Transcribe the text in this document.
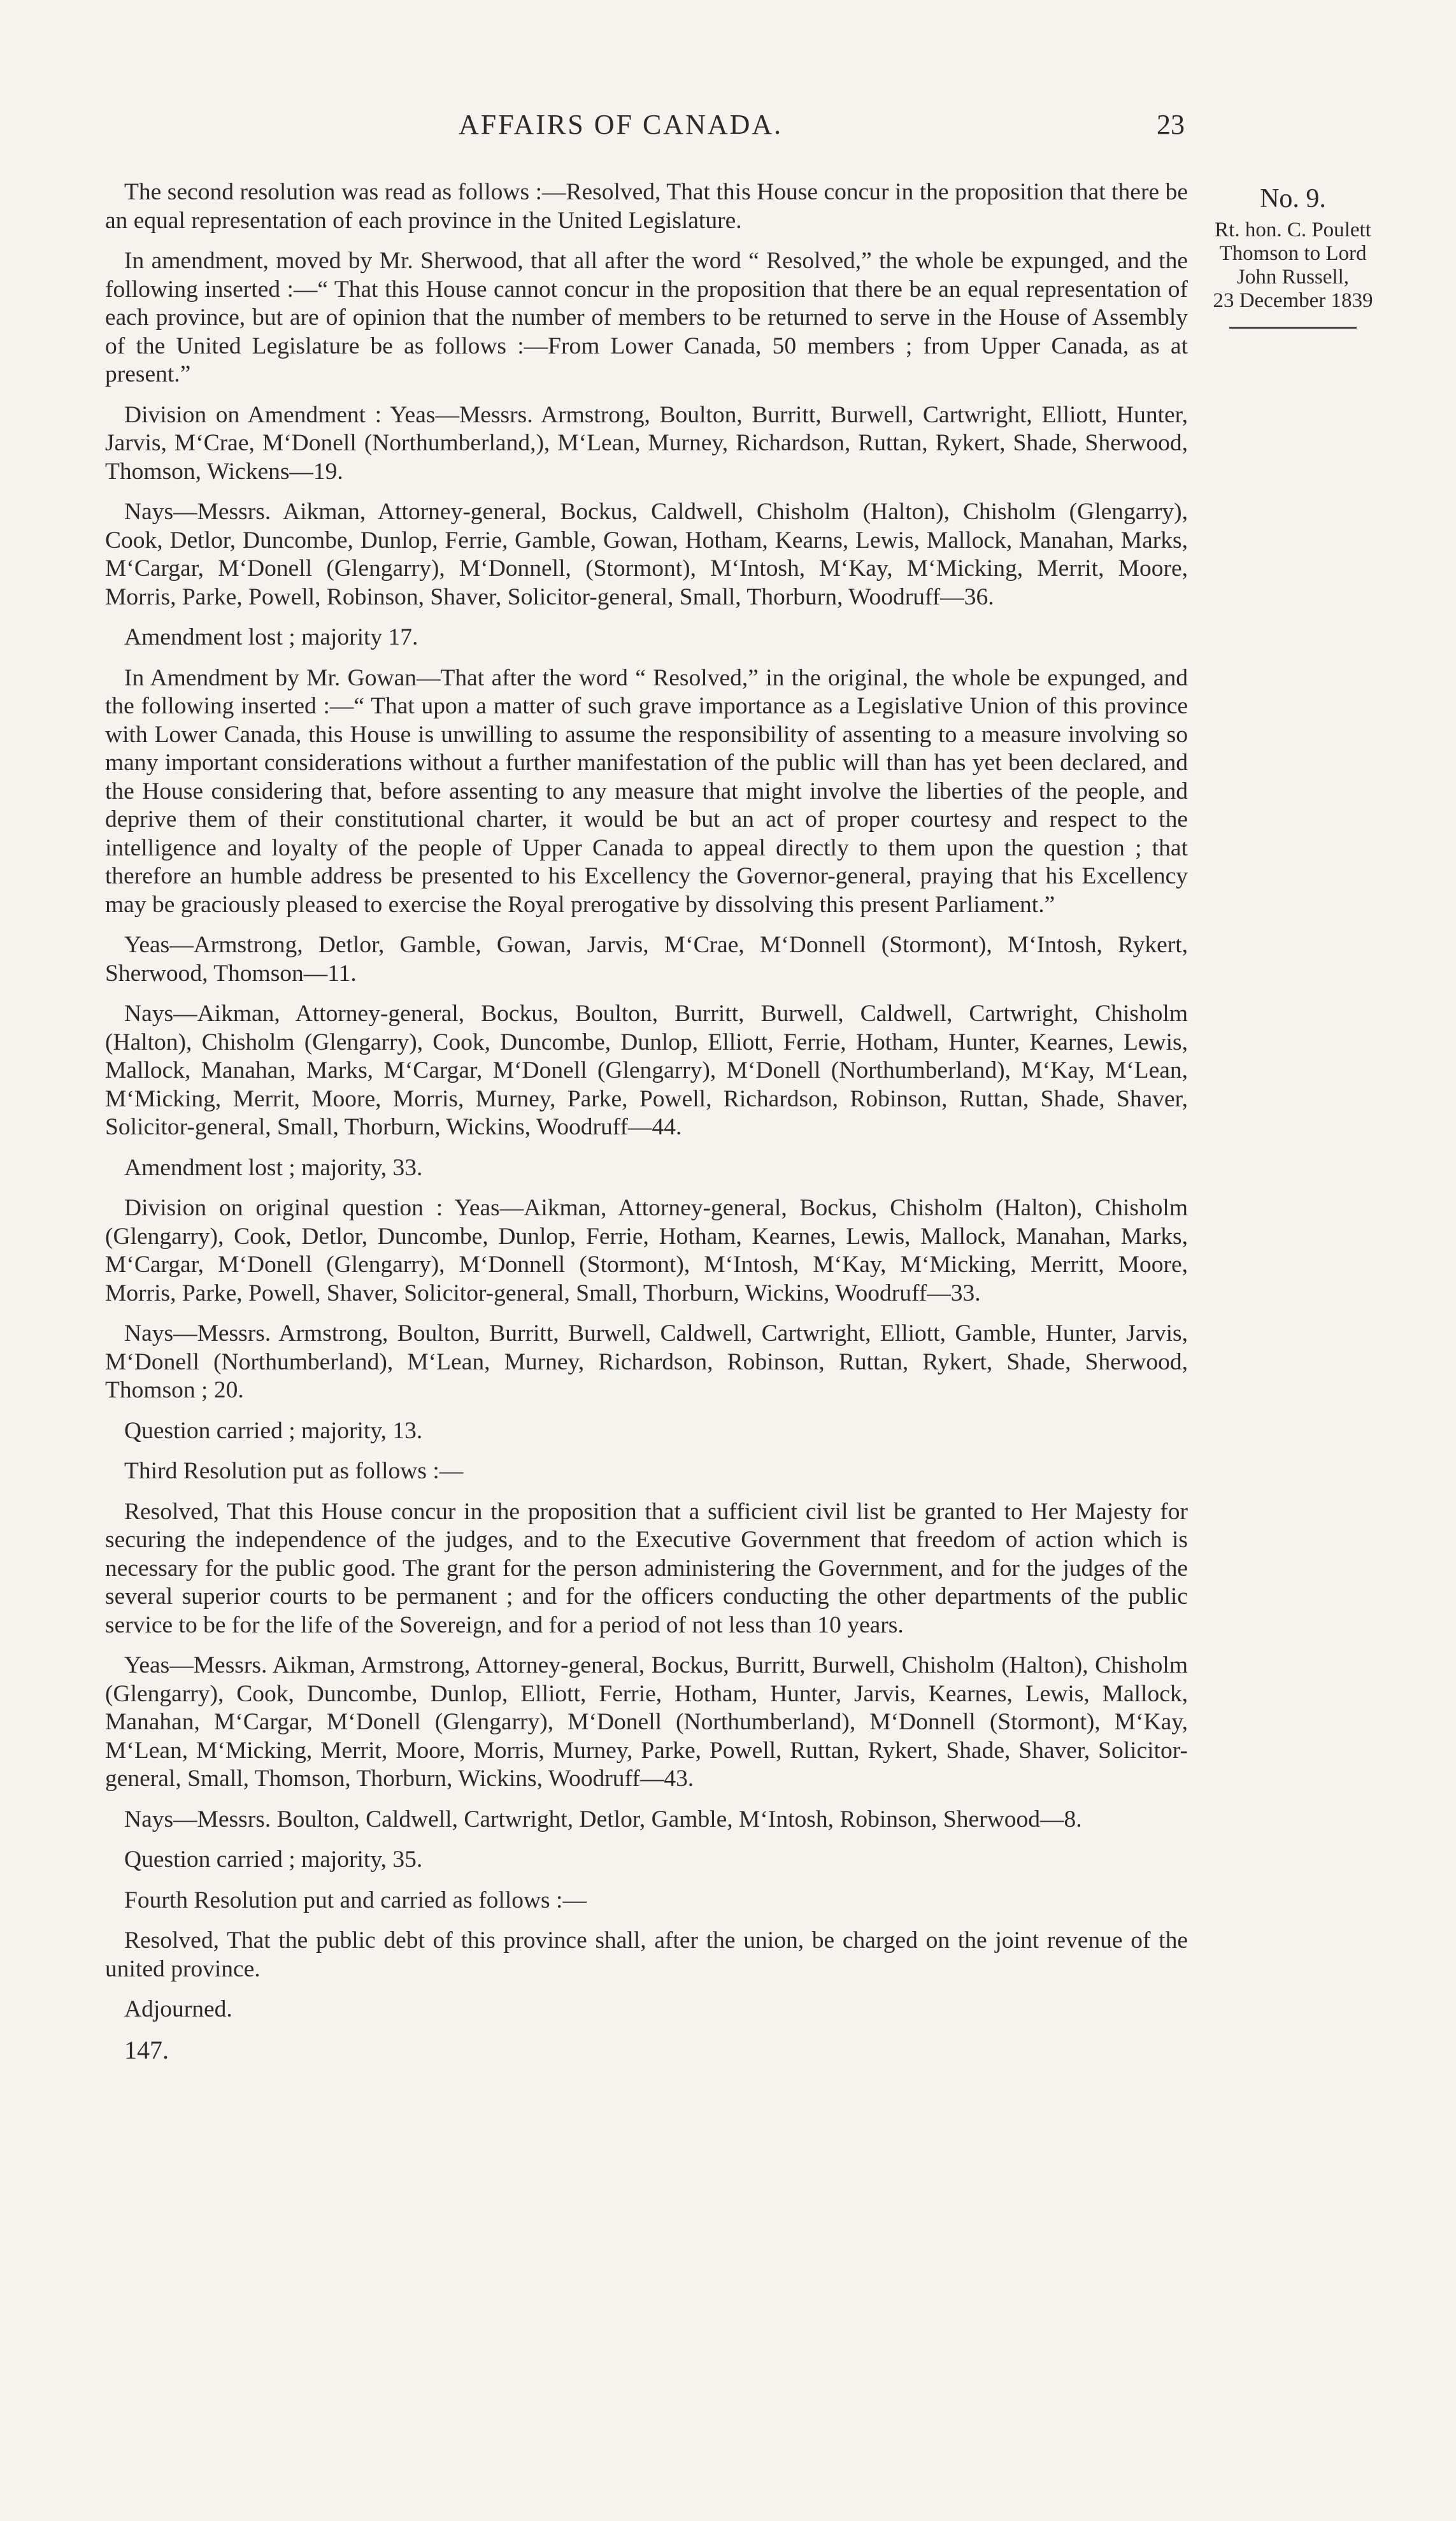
AFFAIRS OF CANADA.	23
No. 9.
Rt. hon. C. Poulett
Thomson to Lord
John Russell,
23 December 1839

The second resolution was read as follows :—Resolved, That this House concur in the proposition that there be an equal representation of each province in the United Legislature.

In amendment, moved by Mr. Sherwood, that all after the word “ Resolved,” the whole be expunged, and the following inserted :—“ That this House cannot concur in the proposition that there be an equal representation of each province, but are of opinion that the number of members to be returned to serve in the House of Assembly of the United Legislature be as follows :—From Lower Canada, 50 members ; from Upper Canada, as at present.”

Division on Amendment : Yeas—Messrs. Armstrong, Boulton, Burritt, Burwell, Cartwright, Elliott, Hunter, Jarvis, M‘Crae, M‘Donell (Northumberland,), M‘Lean, Murney, Richardson, Ruttan, Rykert, Shade, Sherwood, Thomson, Wickens—19.

Nays—Messrs. Aikman, Attorney-general, Bockus, Caldwell, Chisholm (Halton), Chisholm (Glengarry), Cook, Detlor, Duncombe, Dunlop, Ferrie, Gamble, Gowan, Hotham, Kearns, Lewis, Mallock, Manahan, Marks, M‘Cargar, M‘Donell (Glengarry), M‘Donnell, (Stormont), M‘Intosh, M‘Kay, M‘Micking, Merrit, Moore, Morris, Parke, Powell, Robinson, Shaver, Solicitor-general, Small, Thorburn, Woodruff—36.

Amendment lost ; majority 17.

In Amendment by Mr. Gowan—That after the word “ Resolved,” in the original, the whole be expunged, and the following inserted :—“ That upon a matter of such grave importance as a Legislative Union of this province with Lower Canada, this House is unwilling to assume the responsibility of assenting to a measure involving so many important considerations without a further manifestation of the public will than has yet been declared, and the House considering that, before assenting to any measure that might involve the liberties of the people, and deprive them of their constitutional charter, it would be but an act of proper courtesy and respect to the intelligence and loyalty of the people of Upper Canada to appeal directly to them upon the question ; that therefore an humble address be presented to his Excellency the Governor-general, praying that his Excellency may be graciously pleased to exercise the Royal prerogative by dissolving this present Parliament.”

Yeas—Armstrong, Detlor, Gamble, Gowan, Jarvis, M‘Crae, M‘Donnell (Stormont), M‘Intosh, Rykert, Sherwood, Thomson—11.

Nays—Aikman, Attorney-general, Bockus, Boulton, Burritt, Burwell, Caldwell, Cartwright, Chisholm (Halton), Chisholm (Glengarry), Cook, Duncombe, Dunlop, Elliott, Ferrie, Hotham, Hunter, Kearnes, Lewis, Mallock, Manahan, Marks, M‘Cargar, M‘Donell (Glengarry), M‘Donell (Northumberland), M‘Kay, M‘Lean, M‘Micking, Merrit, Moore, Morris, Murney, Parke, Powell, Richardson, Robinson, Ruttan, Shade, Shaver, Solicitor-general, Small, Thorburn, Wickins, Woodruff—44.

Amendment lost ; majority, 33.

Division on original question : Yeas—Aikman, Attorney-general, Bockus, Chisholm (Halton), Chisholm (Glengarry), Cook, Detlor, Duncombe, Dunlop, Ferrie, Hotham, Kearnes, Lewis, Mallock, Manahan, Marks, M‘Cargar, M‘Donell (Glengarry), M‘Donnell (Stormont), M‘Intosh, M‘Kay, M‘Micking, Merritt, Moore, Morris, Parke, Powell, Shaver, Solicitor-general, Small, Thorburn, Wickins, Woodruff—33.

Nays—Messrs. Armstrong, Boulton, Burritt, Burwell, Caldwell, Cartwright, Elliott, Gamble, Hunter, Jarvis, M‘Donell (Northumberland), M‘Lean, Murney, Richardson, Robinson, Ruttan, Rykert, Shade, Sherwood, Thomson ; 20.

Question carried ; majority, 13.

Third Resolution put as follows :—

Resolved, That this House concur in the proposition that a sufficient civil list be granted to Her Majesty for securing the independence of the judges, and to the Executive Government that freedom of action which is necessary for the public good. The grant for the person administering the Government, and for the judges of the several superior courts to be permanent ; and for the officers conducting the other departments of the public service to be for the life of the Sovereign, and for a period of not less than 10 years.

Yeas—Messrs. Aikman, Armstrong, Attorney-general, Bockus, Burritt, Burwell, Chisholm (Halton), Chisholm (Glengarry), Cook, Duncombe, Dunlop, Elliott, Ferrie, Hotham, Hunter, Jarvis, Kearnes, Lewis, Mallock, Manahan, M‘Cargar, M‘Donell (Glengarry), M‘Donell (Northumberland), M‘Donnell (Stormont), M‘Kay, M‘Lean, M‘Micking, Merrit, Moore, Morris, Murney, Parke, Powell, Ruttan, Rykert, Shade, Shaver, Solicitor-general, Small, Thomson, Thorburn, Wickins, Woodruff—43.

Nays—Messrs. Boulton, Caldwell, Cartwright, Detlor, Gamble, M‘Intosh, Robinson, Sherwood—8.

Question carried ; majority, 35.

Fourth Resolution put and carried as follows :—

Resolved, That the public debt of this province shall, after the union, be charged on the joint revenue of the united province.

Adjourned.

147.
